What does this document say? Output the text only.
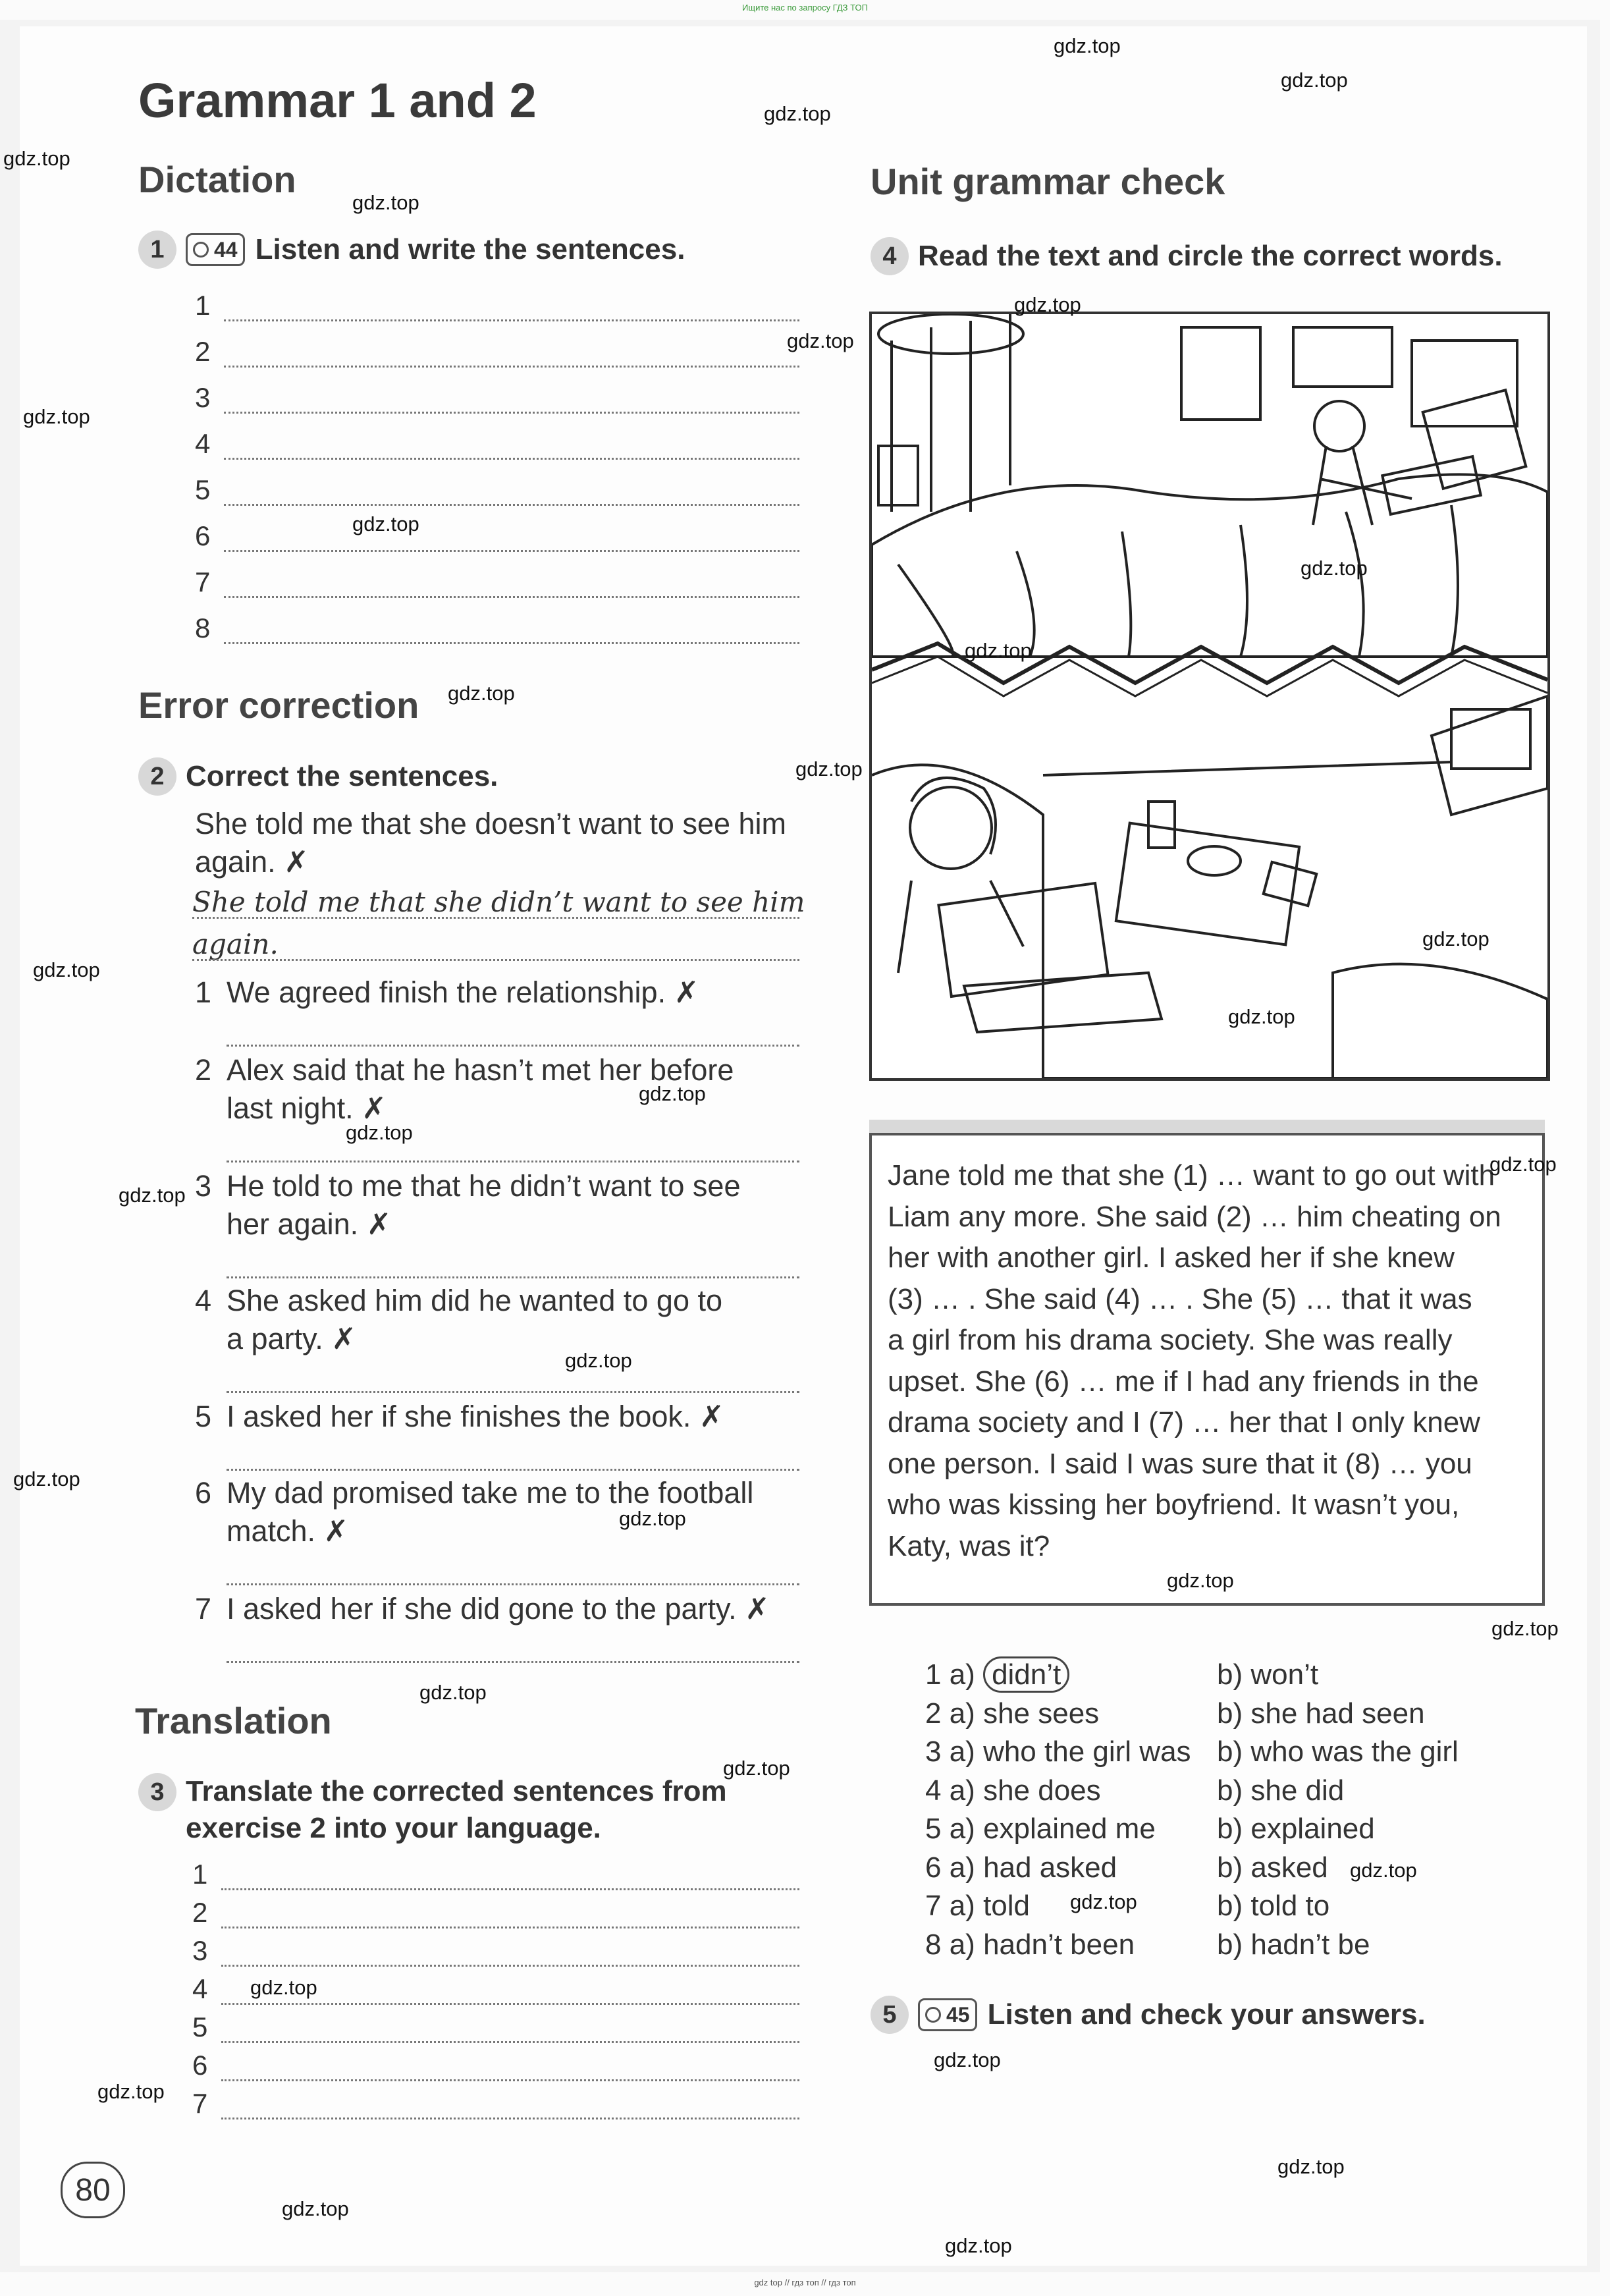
Ищите нас по запросу ГДЗ ТОП
Grammar 1 and 2
Dictation
1	44 Listen and write the sentences.
1
2
3
4
5
6
7
8
Error correction
2 Correct the sentences.
She told me that she doesn’t want to see him
again. ✗
She told me that she didn’t want to see him
again.
1 We agreed finish the relationship. ✗
2 Alex said that he hasn’t met her before
last night. ✗
3 He told to me that he didn’t want to see
her again. ✗
4 She asked him did he wanted to go to
a party. ✗
5 I asked her if she finishes the book. ✗
6 My dad promised take me to the football
match. ✗
7 I asked her if she did gone to the party. ✗
Translation
3 Translate the corrected sentences from
exercise 2 into your language.
1
2
3
4
5
6
7
Unit grammar check
4 Read the text and circle the correct words.
Jane told me that she (1) … want to go out with
Liam any more. She said (2) … him cheating on
her with another girl. I asked her if she knew
(3) … . She said (4) … . She (5) … that it was
a girl from his drama society. She was really
upset. She (6) … me if I had any friends in the
drama society and I (7) … her that I only knew
one person. I said I was sure that it (8) … you
who was kissing her boyfriend. It wasn’t you,
Katy, was it?
1 a) didn’t	b) won’t
2 a) she sees	b) she had seen
3 a) who the girl was b) who was the girl
4 a) she does	b) she did
5 a) explained me b) explained
6 a) had asked	b) asked
7 a) told	b) told to
8 a) hadn’t been	b) hadn’t be
5	45 Listen and check your answers.
80
gdz.top
gdz.top
gdz.top
gdz.top
gdz.top
gdz.top
gdz.top
gdz.top
gdz.top
gdz.top
gdz.top
gdz.top
gdz.top
gdz.top
gdz.top
gdz.top
gdz.top
gdz.top
gdz.top
gdz.top
gdz.top
gdz.top
gdz.top
gdz.top
gdz.top
gdz.top
gdz.top
gdz.top
gdz.top
gdz.top
gdz.top
gdz.top
gdz.top
gdz.top
gdz.top
gdz top // гдз топ // гдз топ
